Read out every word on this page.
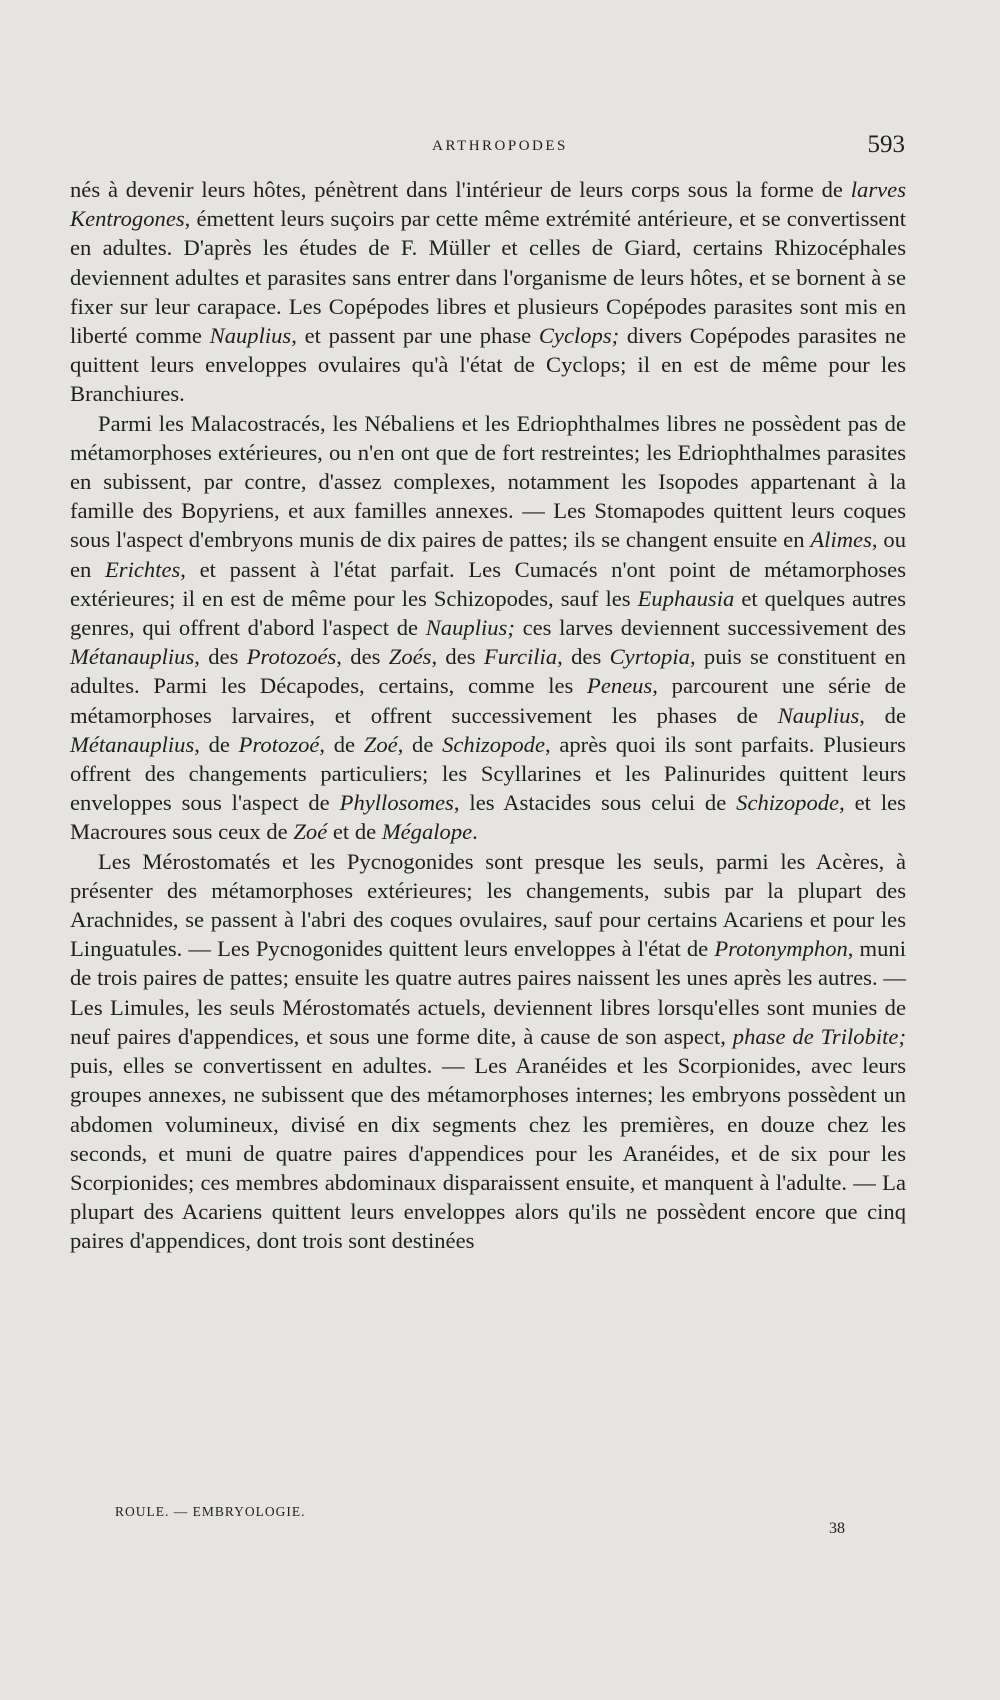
ARTHROPODES	593

nés à devenir leurs hôtes, pénètrent dans l'intérieur de leurs corps sous la forme de larves Kentrogones, émettent leurs suçoirs par cette même extrémité antérieure, et se convertissent en adultes. D'après les études de F. Müller et celles de Giard, certains Rhizocéphales deviennent adultes et parasites sans entrer dans l'organisme de leurs hôtes, et se bornent à se fixer sur leur carapace. Les Copépodes libres et plusieurs Copépodes parasites sont mis en liberté comme Nauplius, et passent par une phase Cyclops; divers Copépodes parasites ne quittent leurs enveloppes ovulaires qu'à l'état de Cyclops; il en est de même pour les Branchiures.

Parmi les Malacostracés, les Nébaliens et les Edriophthalmes libres ne possèdent pas de métamorphoses extérieures, ou n'en ont que de fort restreintes; les Edriophthalmes parasites en subissent, par contre, d'assez complexes, notamment les Isopodes appartenant à la famille des Bopyriens, et aux familles annexes. — Les Stomapodes quittent leurs coques sous l'aspect d'embryons munis de dix paires de pattes; ils se changent ensuite en Alimes, ou en Erichtes, et passent à l'état parfait. Les Cumacés n'ont point de métamorphoses extérieures; il en est de même pour les Schizopodes, sauf les Euphausia et quelques autres genres, qui offrent d'abord l'aspect de Nauplius; ces larves deviennent successivement des Métanauplius, des Protozoés, des Zoés, des Furcilia, des Cyrtopia, puis se constituent en adultes. Parmi les Décapodes, certains, comme les Peneus, parcourent une série de métamorphoses larvaires, et offrent successivement les phases de Nauplius, de Métanauplius, de Protozoé, de Zoé, de Schizopode, après quoi ils sont parfaits. Plusieurs offrent des changements particuliers; les Scyllarines et les Palinurides quittent leurs enveloppes sous l'aspect de Phyllosomes, les Astacides sous celui de Schizopode, et les Macroures sous ceux de Zoé et de Mégalope.

Les Mérostomatés et les Pycnogonides sont presque les seuls, parmi les Acères, à présenter des métamorphoses extérieures; les changements, subis par la plupart des Arachnides, se passent à l'abri des coques ovulaires, sauf pour certains Acariens et pour les Linguatules. — Les Pycnogonides quittent leurs enveloppes à l'état de Protonymphon, muni de trois paires de pattes; ensuite les quatre autres paires naissent les unes après les autres. — Les Limules, les seuls Mérostomatés actuels, deviennent libres lorsqu'elles sont munies de neuf paires d'appendices, et sous une forme dite, à cause de son aspect, phase de Trilobite; puis, elles se convertissent en adultes. — Les Aranéides et les Scorpionides, avec leurs groupes annexes, ne subissent que des métamorphoses internes; les embryons possèdent un abdomen volumineux, divisé en dix segments chez les premières, en douze chez les seconds, et muni de quatre paires d'appendices pour les Aranéides, et de six pour les Scorpionides; ces membres abdominaux disparaissent ensuite, et manquent à l'adulte. — La plupart des Acariens quittent leurs enveloppes alors qu'ils ne possèdent encore que cinq paires d'appendices, dont trois sont destinées

ROULE. — EMBRYOLOGIE.
38
